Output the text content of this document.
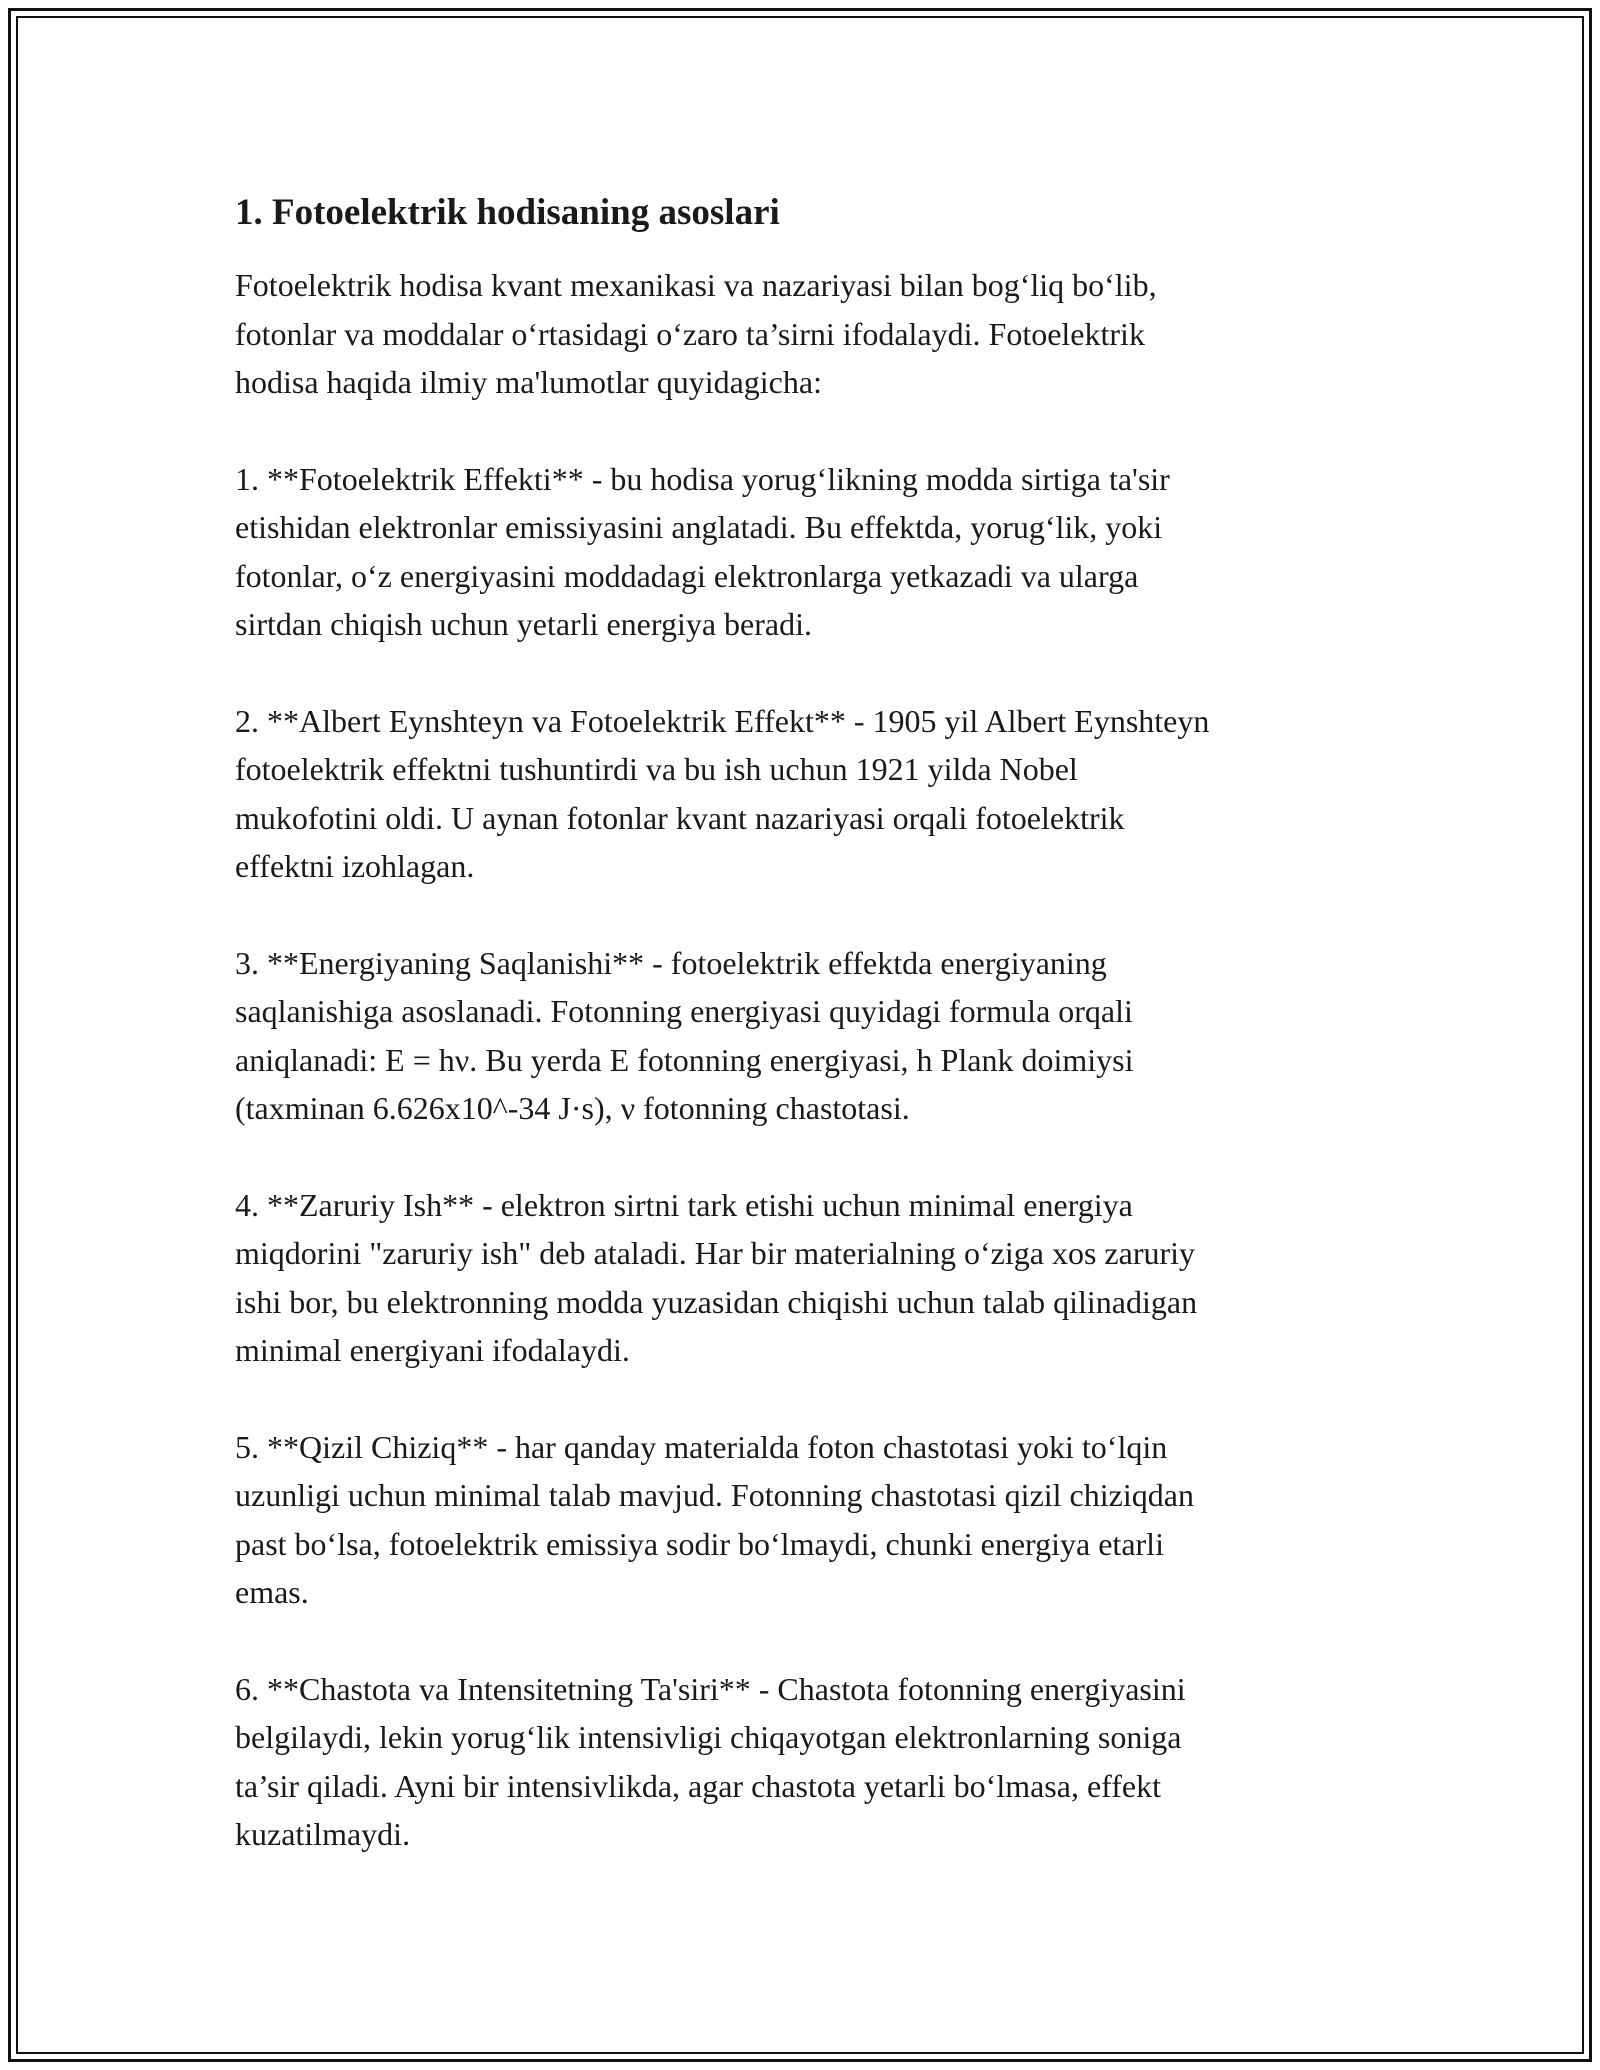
1. Fotoelektrik hodisaning asoslari

Fotoelektrik hodisa kvant mexanikasi va nazariyasi bilan bog‘liq bo‘lib,
fotonlar va moddalar o‘rtasidagi o‘zaro ta’sirni ifodalaydi. Fotoelektrik
hodisa haqida ilmiy ma'lumotlar quyidagicha:

1. **Fotoelektrik Effekti** - bu hodisa yorug‘likning modda sirtiga ta'sir
etishidan elektronlar emissiyasini anglatadi. Bu effektda, yorug‘lik, yoki
fotonlar, o‘z energiyasini moddadagi elektronlarga yetkazadi va ularga
sirtdan chiqish uchun yetarli energiya beradi.

2. **Albert Eynshteyn va Fotoelektrik Effekt** - 1905 yil Albert Eynshteyn
fotoelektrik effektni tushuntirdi va bu ish uchun 1921 yilda Nobel
mukofotini oldi. U aynan fotonlar kvant nazariyasi orqali fotoelektrik
effektni izohlagan.

3. **Energiyaning Saqlanishi** - fotoelektrik effektda energiyaning
saqlanishiga asoslanadi. Fotonning energiyasi quyidagi formula orqali
aniqlanadi: E = hν. Bu yerda E fotonning energiyasi, h Plank doimiysi
(taxminan 6.626x10^-34 J·s), ν fotonning chastotasi.

4. **Zaruriy Ish** - elektron sirtni tark etishi uchun minimal energiya
miqdorini "zaruriy ish" deb ataladi. Har bir materialning o‘ziga xos zaruriy
ishi bor, bu elektronning modda yuzasidan chiqishi uchun talab qilinadigan
minimal energiyani ifodalaydi.

5. **Qizil Chiziq** - har qanday materialda foton chastotasi yoki to‘lqin
uzunligi uchun minimal talab mavjud. Fotonning chastotasi qizil chiziqdan
past bo‘lsa, fotoelektrik emissiya sodir bo‘lmaydi, chunki energiya etarli
emas.

6. **Chastota va Intensitetning Ta'siri** - Chastota fotonning energiyasini
belgilaydi, lekin yorug‘lik intensivligi chiqayotgan elektronlarning soniga
ta’sir qiladi. Ayni bir intensivlikda, agar chastota yetarli bo‘lmasa, effekt
kuzatilmaydi.
